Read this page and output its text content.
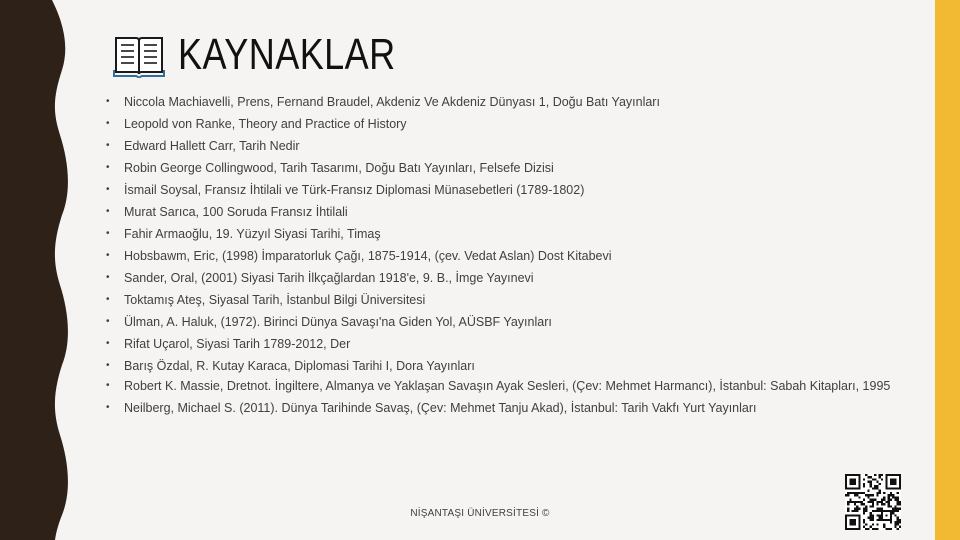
KAYNAKLAR
• Niccola Machiavelli, Prens, Fernand Braudel, Akdeniz Ve Akdeniz Dünyası 1, Doğu Batı Yayınları
• Leopold von Ranke, Theory and Practice of History
• Edward Hallett Carr, Tarih Nedir
• Robin George Collingwood, Tarih Tasarımı, Doğu Batı Yayınları, Felsefe Dizisi
• İsmail Soysal, Fransız İhtilali ve Türk-Fransız Diplomasi Münasebetleri (1789-1802)
• Murat Sarıca, 100 Soruda Fransız İhtilali
• Fahir Armaoğlu, 19. Yüzyıl Siyasi Tarihi, Timaş
• Hobsbawm, Eric, (1998) İmparatorluk Çağı, 1875-1914, (çev. Vedat Aslan) Dost Kitabevi
• Sander, Oral, (2001) Siyasi Tarih İlkçağlardan 1918'e, 9. B., İmge Yayınevi
• Toktamış Ateş, Siyasal Tarih, İstanbul Bilgi Üniversitesi
• Ülman, A. Haluk, (1972). Birinci Dünya Savaşı'na Giden Yol, AÜSBF Yayınları
• Rifat Uçarol, Siyasi Tarih 1789-2012, Der
• Barış Özdal, R. Kutay Karaca, Diplomasi Tarihi I, Dora Yayınları
• Robert K. Massie, Dretnot. İngiltere, Almanya ve Yaklaşan Savaşın Ayak Sesleri, (Çev: Mehmet Harmancı), İstanbul: Sabah Kitapları, 1995
• Neilberg, Michael S. (2011). Dünya Tarihinde Savaş, (Çev: Mehmet Tanju Akad), İstanbul: Tarih Vakfı Yurt Yayınları
NİŞANTAŞI ÜNİVERSİTESİ ©
